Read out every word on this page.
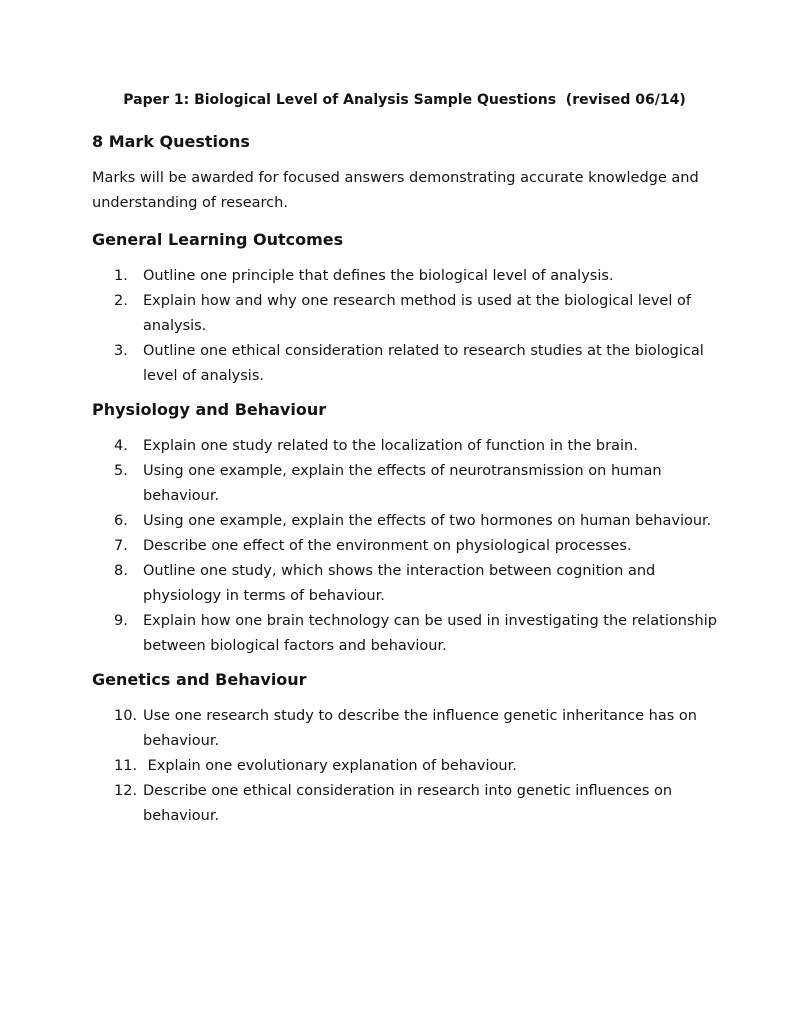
Paper 1: Biological Level of Analysis Sample Questions  (revised 06/14)
8 Mark Questions

Marks will be awarded for focused answers demonstrating accurate knowledge and understanding of research.

General Learning Outcomes
1.	Outline one principle that defines the biological level of analysis.
2.	Explain how and why one research method is used at the biological level of analysis.
3.	Outline one ethical consideration related to research studies at the biological level of analysis.
Physiology and Behaviour
4.	Explain one study related to the localization of function in the brain.
5.	Using one example, explain the effects of neurotransmission on human behaviour.
6.	Using one example, explain the effects of two hormones on human behaviour.
7.	Describe one effect of the environment on physiological processes.
8.	Outline one study, which shows the interaction between cognition and physiology in terms of behaviour.
9.	Explain how one brain technology can be used in investigating the relationship between biological factors and behaviour.
Genetics and Behaviour
10. Use one research study to describe the influence genetic inheritance has on behaviour.
11. Explain one evolutionary explanation of behaviour.
12. Describe one ethical consideration in research into genetic influences on behaviour.
